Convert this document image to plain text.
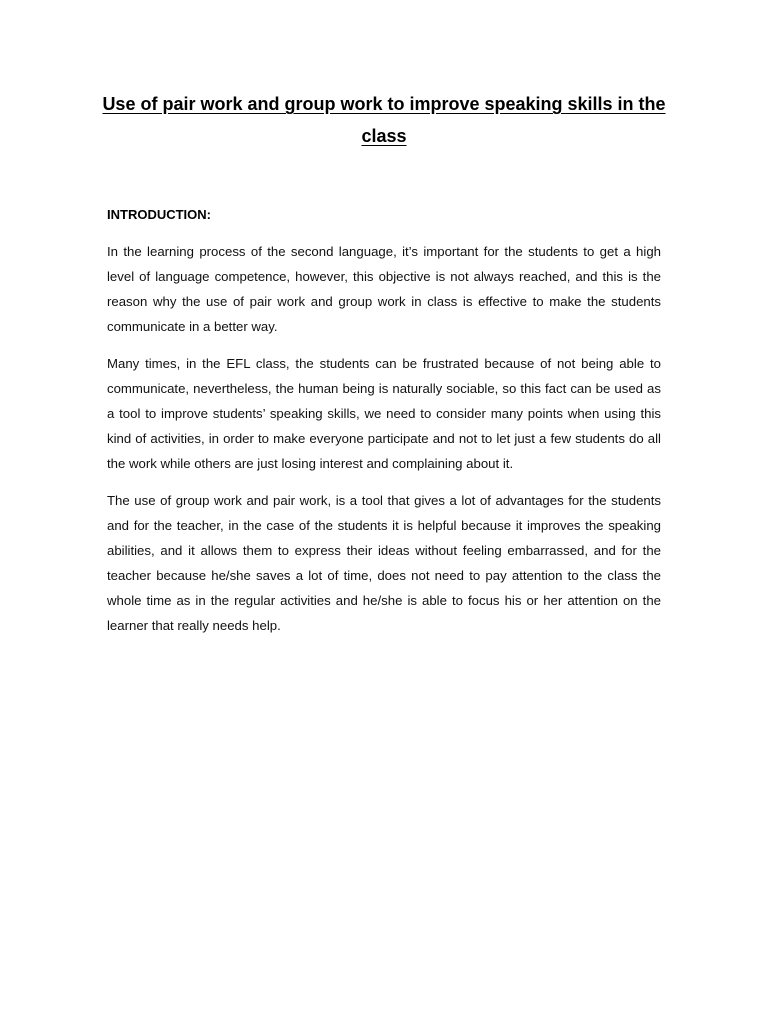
Use of pair work and group work to improve speaking skills in the class

INTRODUCTION:

In the learning process of the second language, it’s important for the students to get a high level of language competence, however, this objective is not always reached, and this is the reason why the use of pair work and group work in class is effective to make the students communicate in a better way.

Many times, in the EFL class, the students can be frustrated because of not being able to communicate, nevertheless, the human being is naturally sociable, so this fact can be used as a tool to improve students’ speaking skills, we need to consider many points when using this kind of activities, in order to make everyone participate and not to let just a few students do all the work while others are just losing interest and complaining about it.

The use of group work and pair work, is a tool that gives a lot of advantages for the students and for the teacher, in the case of the students it is helpful because it improves the speaking abilities, and it allows them to express their ideas without feeling embarrassed, and for the teacher because he/she saves a lot of time, does not need to pay attention to the class the whole time as in the regular activities and he/she is able to focus his or her attention on the learner that really needs help.
